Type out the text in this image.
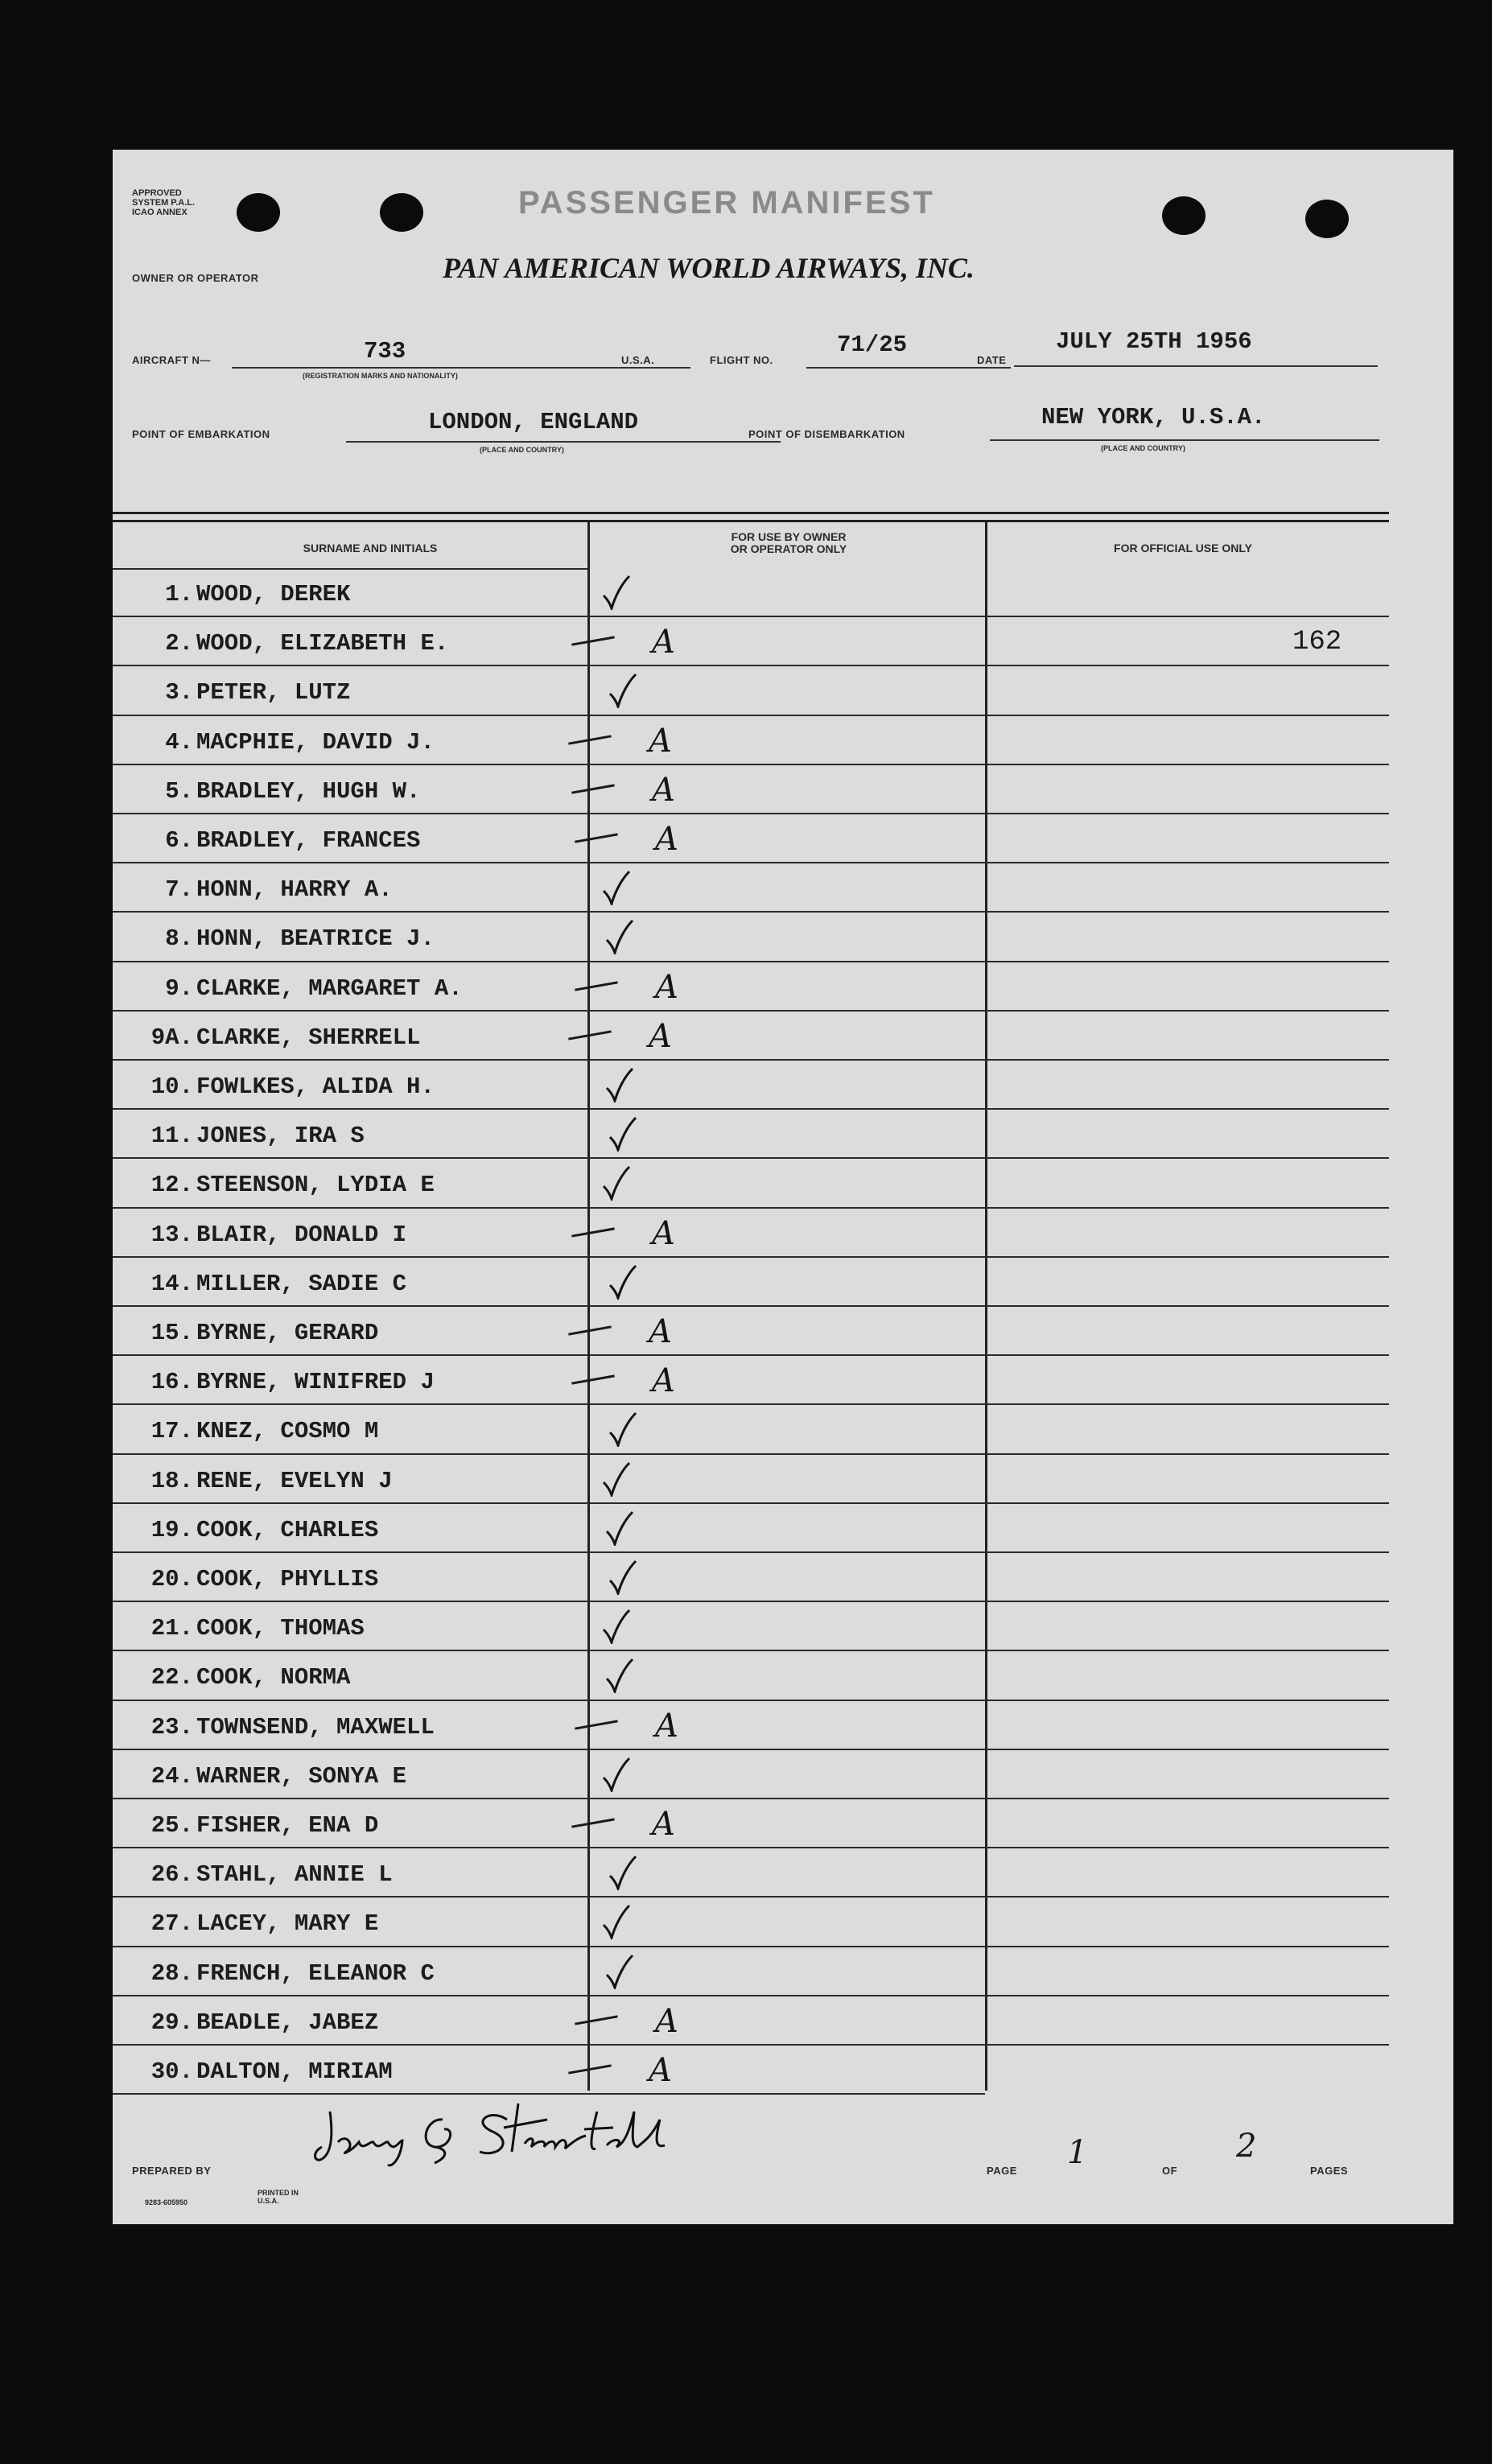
APPROVED
SYSTEM P.A.L.
ICAO ANNEX	PASSENGER MANIFEST
OWNER OR OPERATOR	PAN AMERICAN WORLD AIRWAYS, INC.
AIRCRAFT N—	733
(REGISTRATION MARKS AND NATIONALITY)
U.S.A.	FLIGHT NO.
71/25
DATE
JULY 25TH 1956
POINT OF EMBARKATION	LONDON, ENGLAND
(PLACE AND COUNTRY)
POINT OF DISEMBARKATION
NEW YORK, U.S.A.
(PLACE AND COUNTRY)
SURNAME AND INITIALS
FOR USE BY OWNER
OR OPERATOR ONLY	FOR OFFICIAL USE ONLY
1. WOOD, DEREK
2. WOOD, ELIZABETH E.	A	162
3. PETER, LUTZ
4. MACPHIE, DAVID J.	A
5. BRADLEY, HUGH W.	A
6. BRADLEY, FRANCES	A
7. HONN, HARRY A.
8. HONN, BEATRICE J.
9. CLARKE, MARGARET A.	A
9A. CLARKE, SHERRELL	A
10. FOWLKES, ALIDA H.
11. JONES, IRA S
12. STEENSON, LYDIA E
13. BLAIR, DONALD I	A
14. MILLER, SADIE C
15. BYRNE, GERARD	A
16. BYRNE, WINIFRED J	A
17. KNEZ, COSMO M
18. RENE, EVELYN J
19. COOK, CHARLES
20. COOK, PHYLLIS
21. COOK, THOMAS
22. COOK, NORMA
23. TOWNSEND, MAXWELL	A
24. WARNER, SONYA E
25. FISHER, ENA D	A
26. STAHL, ANNIE L
27. LACEY, MARY E
28. FRENCH, ELEANOR C
29. BEADLE, JABEZ	A
30. DALTON, MIRIAM	A
PREPARED BY	PAGE 1	OF
2
PAGES
9283-605950
PRINTED IN U.S.A.
